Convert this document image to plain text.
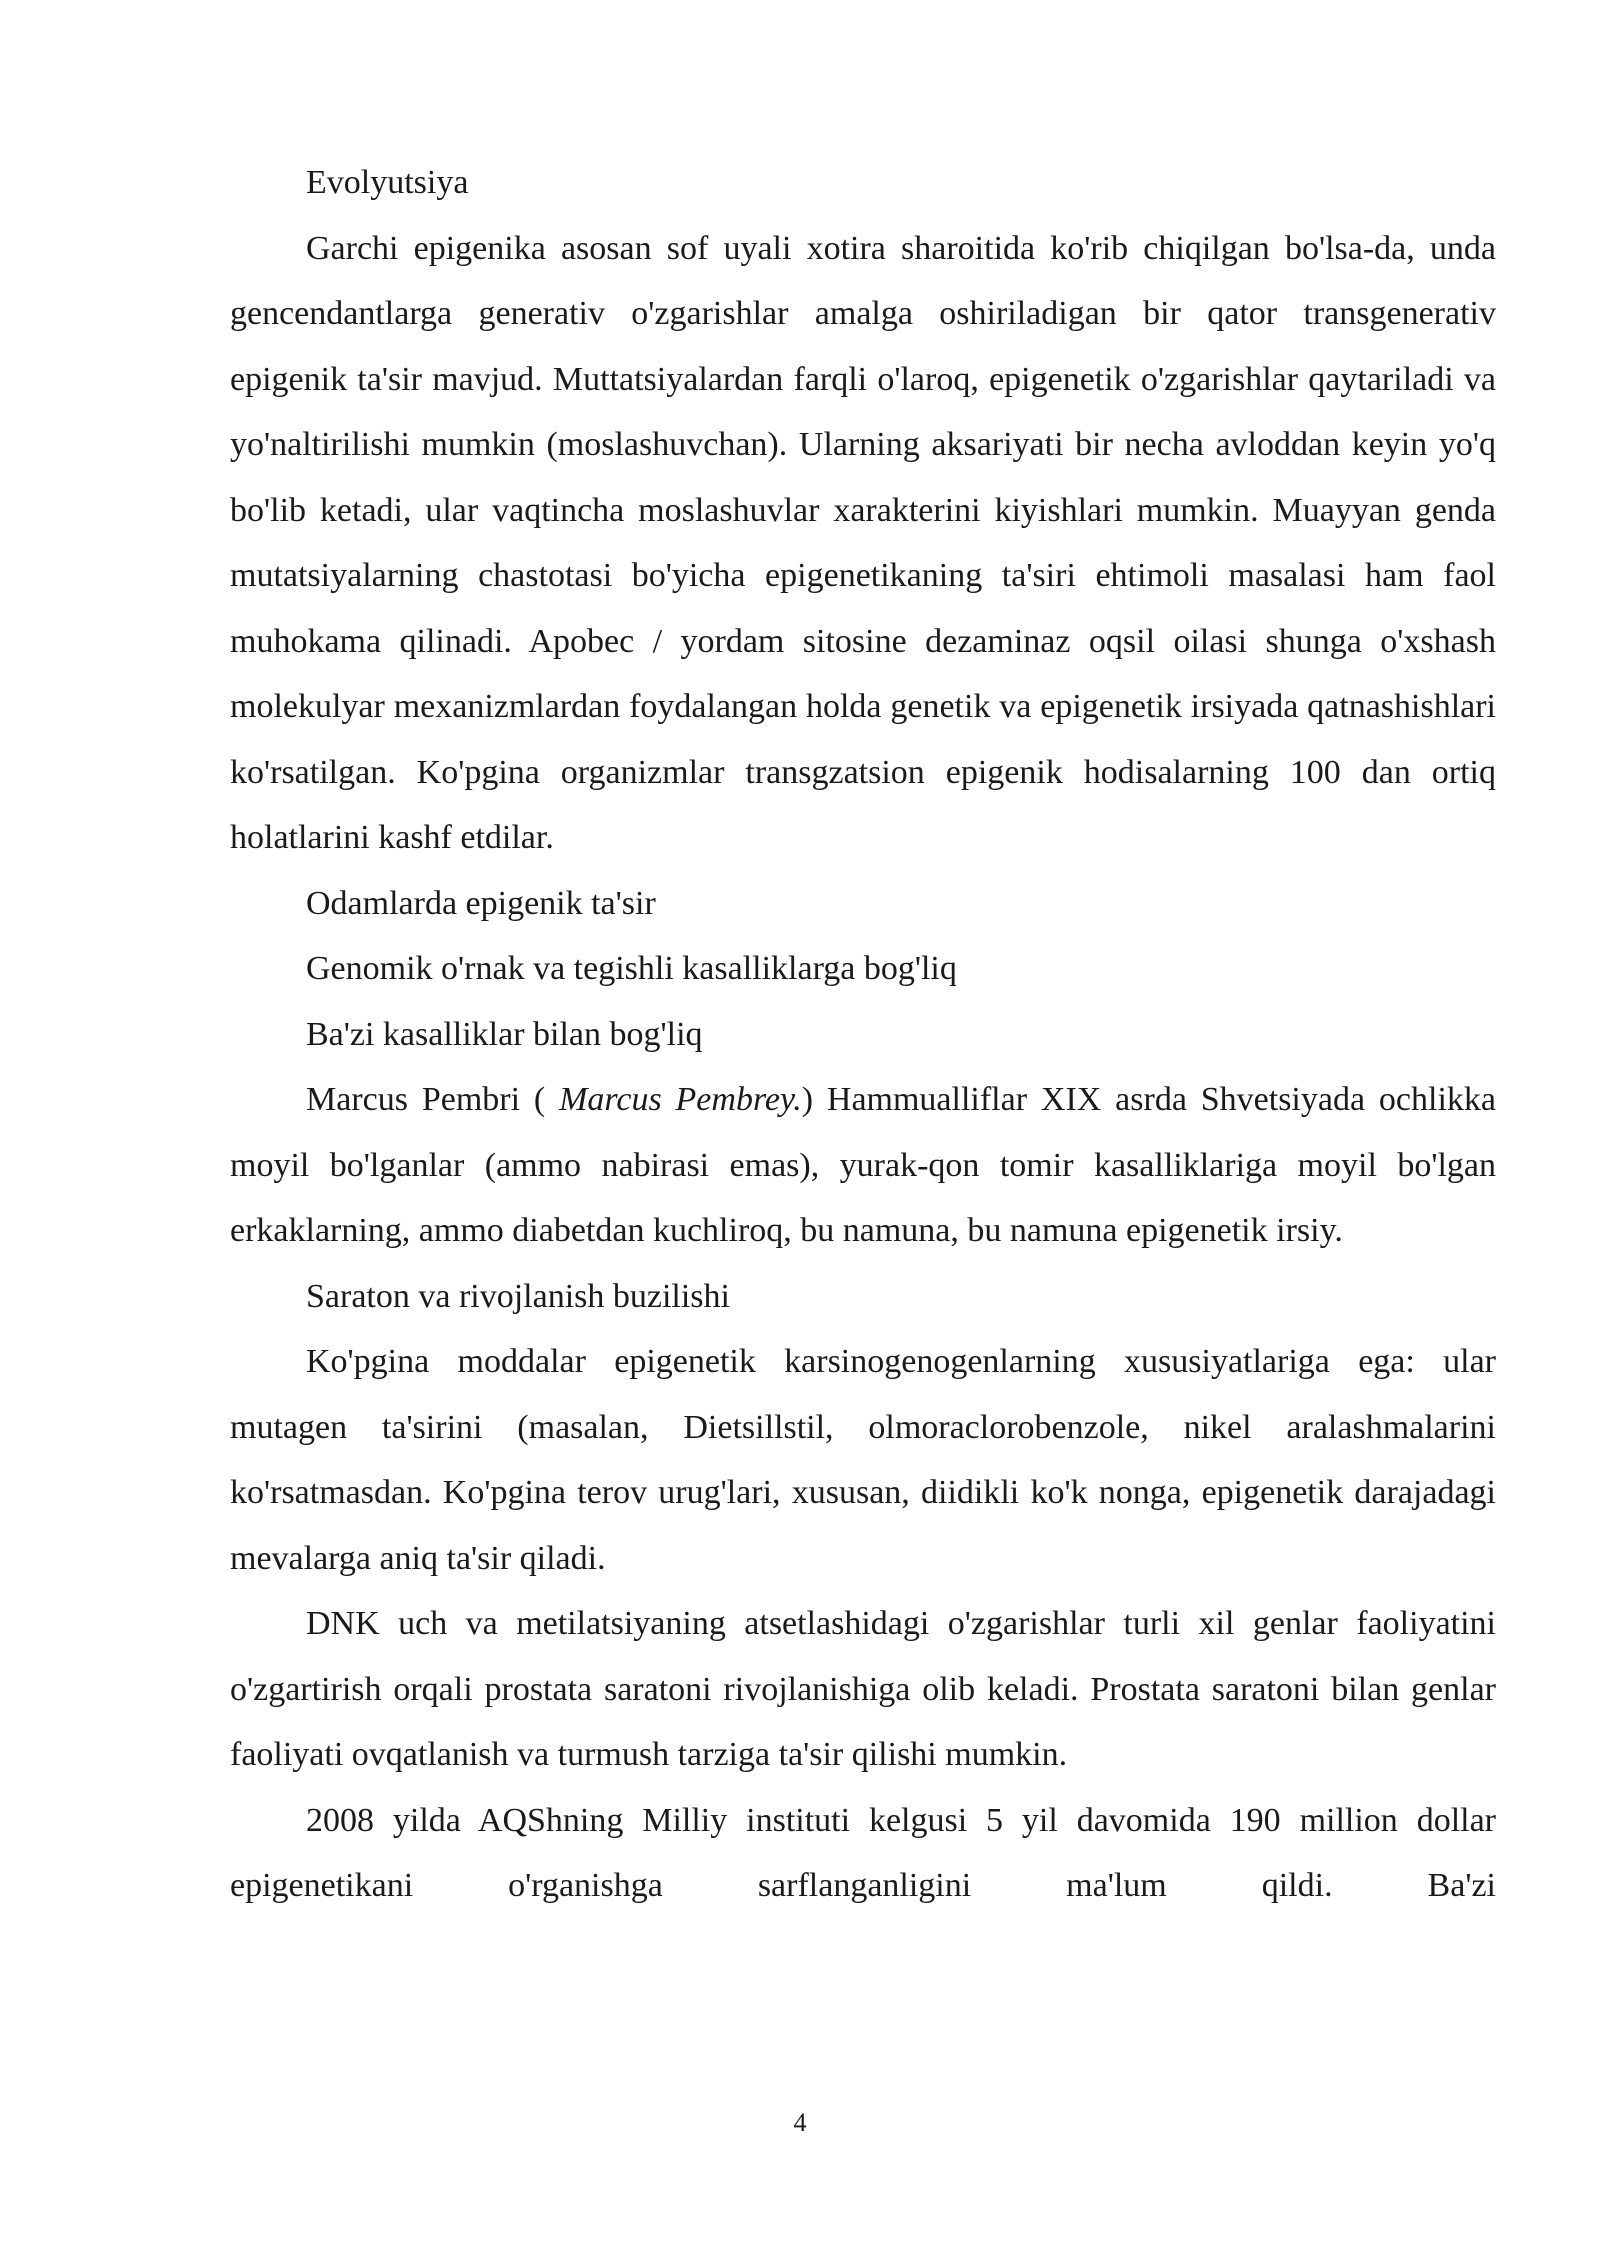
Evolyutsiya

Garchi epigenika asosan sof uyali xotira sharoitida ko'rib chiqilgan bo'lsa-da, unda gencendantlarga generativ o'zgarishlar amalga oshiriladigan bir qator transgenerativ epigenik ta'sir mavjud. Muttatsiyalardan farqli o'laroq, epigenetik o'zgarishlar qaytariladi va yo'naltirilishi mumkin (moslashuvchan). Ularning aksariyati bir necha avloddan keyin yo'q bo'lib ketadi, ular vaqtincha moslashuvlar xarakterini kiyishlari mumkin. Muayyan genda mutatsiyalarning chastotasi bo'yicha epigenetikaning ta'siri ehtimoli masalasi ham faol muhokama qilinadi. Apobec / yordam sitosine dezaminaz oqsil oilasi shunga o'xshash molekulyar mexanizmlardan foydalangan holda genetik va epigenetik irsiyada qatnashishlari ko'rsatilgan. Ko'pgina organizmlar transgzatsion epigenik hodisalarning 100 dan ortiq holatlarini kashf etdilar.

Odamlarda epigenik ta'sir

Genomik o'rnak va tegishli kasalliklarga bog'liq

Ba'zi kasalliklar bilan bog'liq

Marcus Pembri ( Marcus Pembrey.) Hammualliflar XIX asrda Shvetsiyada ochlikka moyil bo'lganlar (ammo nabirasi emas), yurak-qon tomir kasalliklariga moyil bo'lgan erkaklarning, ammo diabetdan kuchliroq, bu namuna, bu namuna epigenetik irsiy.

Saraton va rivojlanish buzilishi

Ko'pgina moddalar epigenetik karsinogenogenlarning xususiyatlariga ega: ular mutagen ta'sirini (masalan, Dietsillstil, olmoraclorobenzole, nikel aralashmalarini ko'rsatmasdan. Ko'pgina terov urug'lari, xususan, diidikli ko'k nonga, epigenetik darajadagi mevalarga aniq ta'sir qiladi.

DNK uch va metilatsiyaning atsetlashidagi o'zgarishlar turli xil genlar faoliyatini o'zgartirish orqali prostata saratoni rivojlanishiga olib keladi. Prostata saratoni bilan genlar faoliyati ovqatlanish va turmush tarziga ta'sir qilishi mumkin.

2008 yilda AQShning Milliy instituti kelgusi 5 yil davomida 190 million dollar epigenetikani o'rganishga sarflanganligini ma'lum qildi. Ba'zi

4
